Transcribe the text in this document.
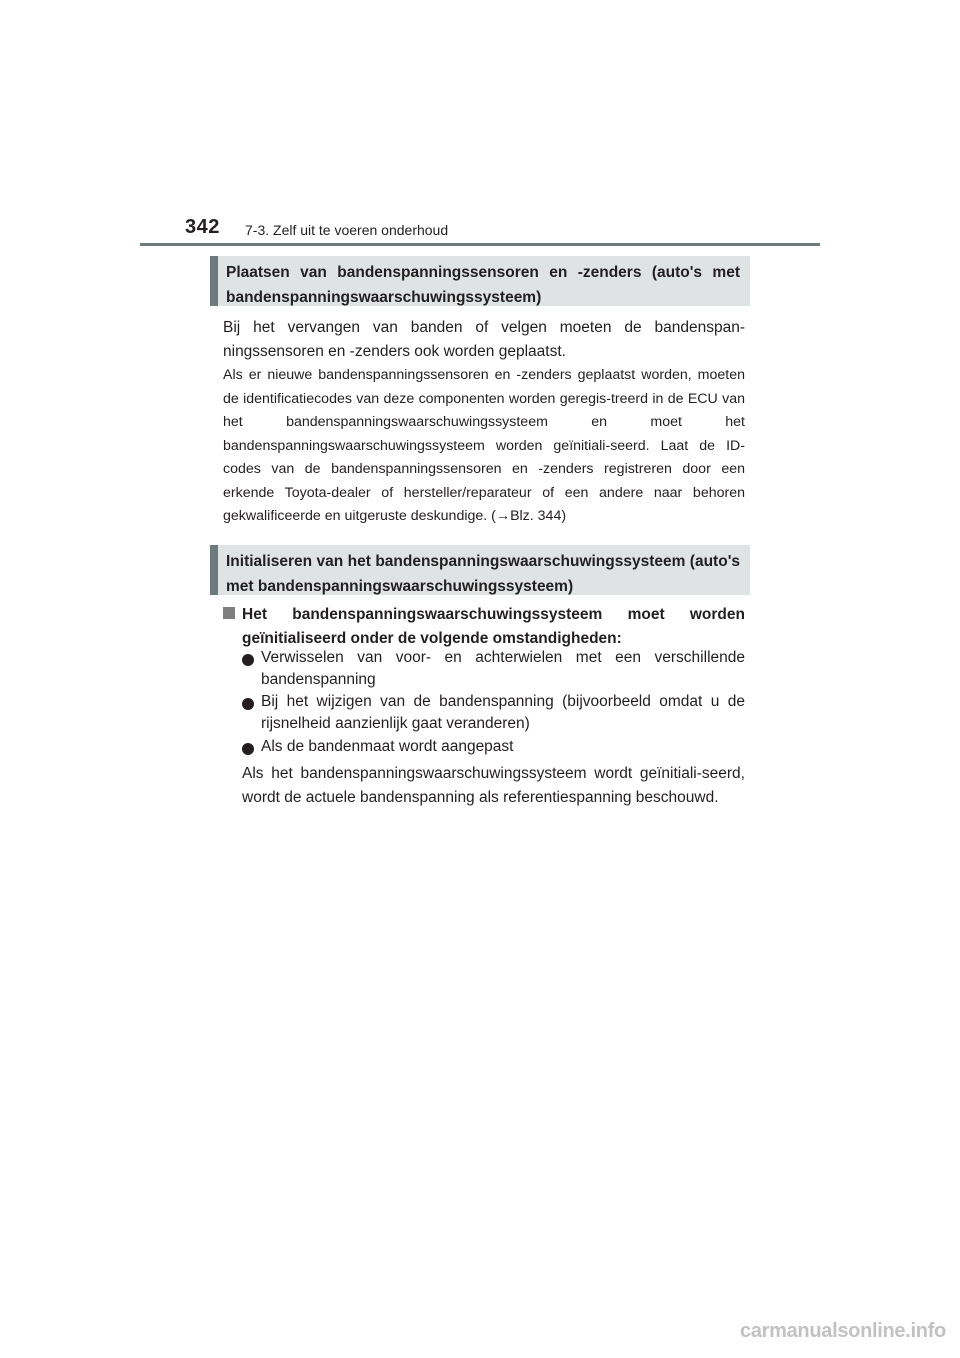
342 7-3. Zelf uit te voeren onderhoud
Plaatsen van bandenspanningssensoren en -zenders (auto's met bandenspanningswaarschuwingssysteem)
Bij het vervangen van banden of velgen moeten de bandenspan-ningssensoren en -zenders ook worden geplaatst.
Als er nieuwe bandenspanningssensoren en -zenders geplaatst worden, moeten de identificatiecodes van deze componenten worden geregis-treerd in de ECU van het bandenspanningswaarschuwingssysteem en moet het bandenspanningswaarschuwingssysteem worden geïnitiali-seerd. Laat de ID-codes van de bandenspanningssensoren en -zenders registreren door een erkende Toyota-dealer of hersteller/reparateur of een andere naar behoren gekwalificeerde en uitgeruste deskundige. (→Blz. 344)
Initialiseren van het bandenspanningswaarschuwingssysteem (auto's met bandenspanningswaarschuwingssysteem)
Het bandenspanningswaarschuwingssysteem moet worden geïnitialiseerd onder de volgende omstandigheden:
Verwisselen van voor- en achterwielen met een verschillende bandenspanning
Bij het wijzigen van de bandenspanning (bijvoorbeeld omdat u de rijsnelheid aanzienlijk gaat veranderen)
Als de bandenmaat wordt aangepast
Als het bandenspanningswaarschuwingssysteem wordt geïnitiali-seerd, wordt de actuele bandenspanning als referentiespanning beschouwd.
carmanualsonline.info
